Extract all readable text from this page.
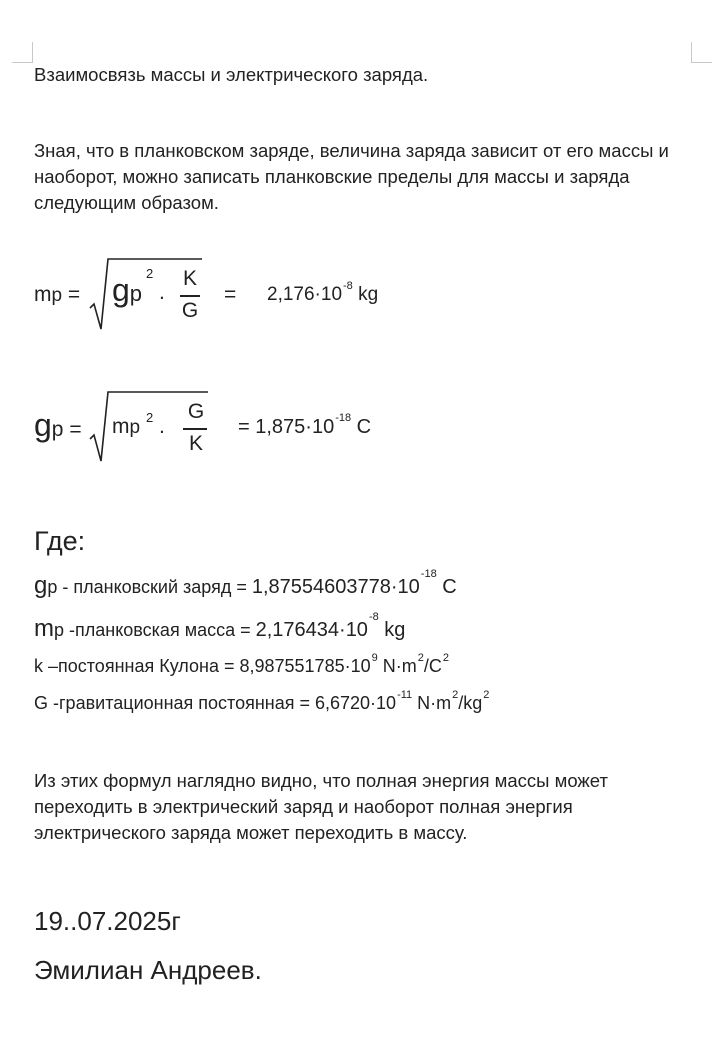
Взаимосвязь массы и электрического заряда.
Зная, что в планковском заряде, величина заряда зависит от его массы и наоборот, можно записать планковские пределы для массы и заряда следующим образом.
mp = gp
2
.
K
G
= $2,176\cdot 10^{-8}$ kg
gp = mp 2 .
G
K
= $1,875\cdot 10^{-18}$ C
Где:
gp - планковский заряд = $1,87554603778\cdot 10^{-18}$ C
mp -планковская масса = $2,176434\cdot 10^{-8}$ kg
k –постоянная Кулона = $8,987551785\cdot 10^9$ $N\cdot m^2/C^2$
G -гравитационная постоянная = $6,6720\cdot 10^{-11}$ $N\cdot m^2/kg^2$
Из этих формул наглядно видно, что полная энергия массы может переходить в электрический заряд и наоборот полная энергия электрического заряда может переходить в массу.
19..07.2025г
Эмилиан Андреев.
